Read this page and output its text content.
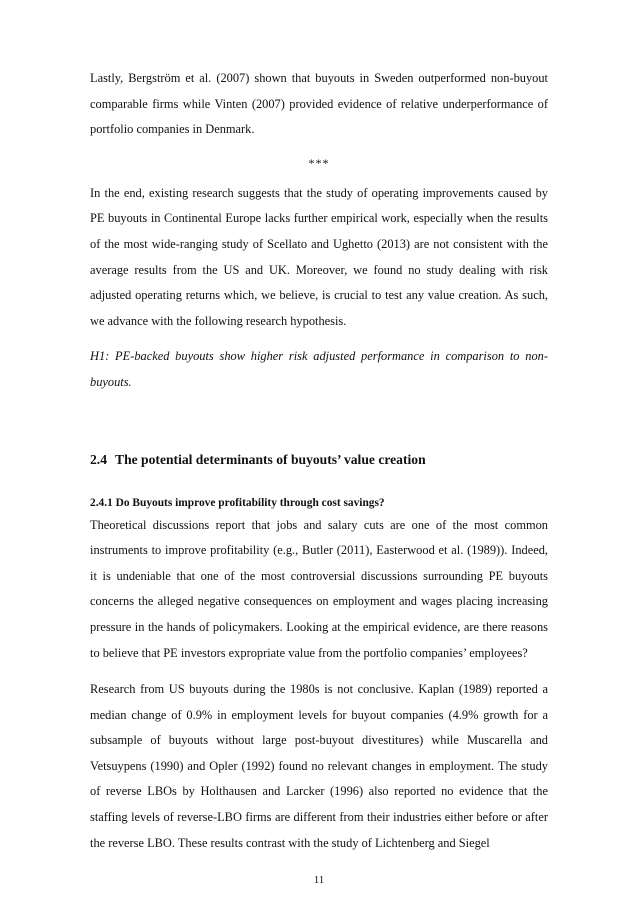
Lastly, Bergström et al. (2007) shown that buyouts in Sweden outperformed non-buyout comparable firms while Vinten (2007) provided evidence of relative underperformance of portfolio companies in Denmark.

***

In the end, existing research suggests that the study of operating improvements caused by PE buyouts in Continental Europe lacks further empirical work, especially when the results of the most wide-ranging study of Scellato and Ughetto (2013) are not consistent with the average results from the US and UK. Moreover, we found no study dealing with risk adjusted operating returns which, we believe, is crucial to test any value creation. As such, we advance with the following research hypothesis.

H1: PE-backed buyouts show higher risk adjusted performance in comparison to non-buyouts.

2.4 The potential determinants of buyouts’ value creation
2.4.1 Do Buyouts improve profitability through cost savings?

Theoretical discussions report that jobs and salary cuts are one of the most common instruments to improve profitability (e.g., Butler (2011), Easterwood et al. (1989)). Indeed, it is undeniable that one of the most controversial discussions surrounding PE buyouts concerns the alleged negative consequences on employment and wages placing increasing pressure in the hands of policymakers. Looking at the empirical evidence, are there reasons to believe that PE investors expropriate value from the portfolio companies’ employees?

Research from US buyouts during the 1980s is not conclusive. Kaplan (1989) reported a median change of 0.9% in employment levels for buyout companies (4.9% growth for a subsample of buyouts without large post-buyout divestitures) while Muscarella and Vetsuypens (1990) and Opler (1992) found no relevant changes in employment. The study of reverse LBOs by Holthausen and Larcker (1996) also reported no evidence that the staffing levels of reverse-LBO firms are different from their industries either before or after the reverse LBO. These results contrast with the study of Lichtenberg and Siegel

11
